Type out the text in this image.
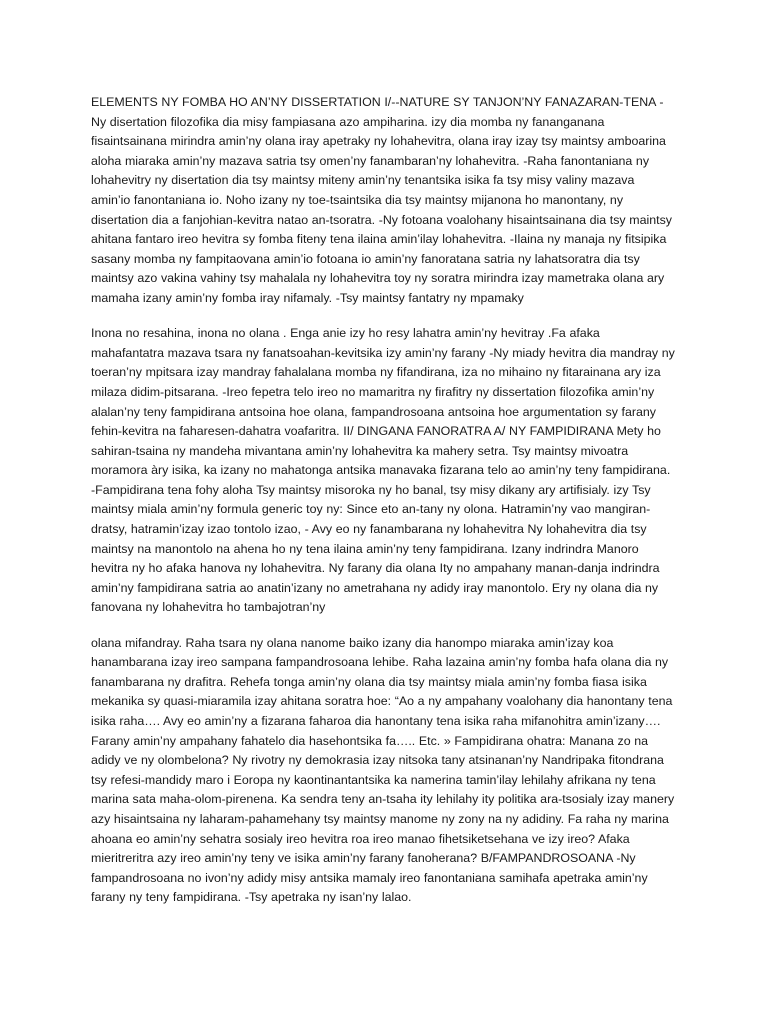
ELEMENTS NY FOMBA HO AN’NY DISSERTATION I/--NATURE SY TANJON’NY FANAZARAN-TENA -Ny disertation filozofika dia misy fampiasana azo ampiharina. izy dia momba ny fananganana fisaintsainana mirindra amin’ny olana iray apetraky ny lohahevitra, olana iray izay tsy maintsy amboarina aloha miaraka amin’ny mazava satria tsy omen’ny fanambaran’ny lohahevitra. -Raha fanontaniana ny lohahevitry ny disertation dia tsy maintsy miteny amin’ny tenantsika isika fa tsy misy valiny mazava amin’io fanontaniana io. Noho izany ny toe-tsaintsika dia tsy maintsy mijanona ho manontany, ny disertation dia a fanjohian-kevitra natao an-tsoratra. -Ny fotoana voalohany hisaintsainana dia tsy maintsy ahitana fantaro ireo hevitra sy fomba fiteny tena ilaina amin’ilay lohahevitra. -Ilaina ny manaja ny fitsipika sasany momba ny fampitaovana amin’io fotoana io amin’ny fanoratana satria ny lahatsoratra dia tsy maintsy azo vakina vahiny tsy mahalala ny lohahevitra toy ny soratra mirindra izay mametraka olana ary mamaha izany amin’ny fomba iray nifamaly. -Tsy maintsy fantatry ny mpamaky

Inona no resahina, inona no olana . Enga anie izy ho resy lahatra amin’ny hevitray .Fa afaka mahafantatra mazava tsara ny fanatsoahan-kevitsika izy amin’ny farany -Ny miady hevitra dia mandray ny toeran’ny mpitsara izay mandray fahalalana momba ny fifandirana, iza no mihaino ny fitarainana ary iza milaza didim-pitsarana. -Ireo fepetra telo ireo no mamaritra ny firafitry ny dissertation filozofika amin’ny alalan’ny teny fampidirana antsoina hoe olana, fampandrosoana antsoina hoe argumentation sy farany fehin-kevitra na faharesen-dahatra voafaritra. II/ DINGANA FANORATRA A/ NY FAMPIDIRANA Mety ho sahiran-tsaina ny mandeha mivantana amin’ny lohahevitra ka mahery setra. Tsy maintsy mivoatra moramora àry isika, ka izany no mahatonga antsika manavaka fizarana telo ao amin’ny teny fampidirana. -Fampidirana tena fohy aloha Tsy maintsy misoroka ny ho banal, tsy misy dikany ary artifisialy. izy Tsy maintsy miala amin’ny formula generic toy ny: Since eto an-tany ny olona. Hatramin’ny vao mangiran-dratsy, hatramin’izay izao tontolo izao, - Avy eo ny fanambarana ny lohahevitra Ny lohahevitra dia tsy maintsy na manontolo na ahena ho ny tena ilaina amin’ny teny fampidirana. Izany indrindra Manoro hevitra ny ho afaka hanova ny lohahevitra. Ny farany dia olana Ity no ampahany manan-danja indrindra amin’ny fampidirana satria ao anatin’izany no ametrahana ny adidy iray manontolo. Ery ny olana dia ny fanovana ny lohahevitra ho tambajotran’ny

olana mifandray. Raha tsara ny olana nanome baiko izany dia hanompo miaraka amin’izay koa hanambarana izay ireo sampana fampandrosoana lehibe. Raha lazaina amin’ny fomba hafa olana dia ny fanambarana ny drafitra. Rehefa tonga amin’ny olana dia tsy maintsy miala amin’ny fomba fiasa isika mekanika sy quasi-miaramila izay ahitana soratra hoe: “Ao a ny ampahany voalohany dia hanontany tena isika raha…. Avy eo amin’ny a fizarana faharoa dia hanontany tena isika raha mifanohitra amin’izany…. Farany amin’ny ampahany fahatelo dia hasehontsika fa….. Etc. » Fampidirana ohatra: Manana zo na adidy ve ny olombelona? Ny rivotry ny demokrasia izay nitsoka tany atsinanan’ny Nandripaka fitondrana tsy refesi-mandidy maro i Eoropa ny kaontinantantsika ka namerina tamin’ilay lehilahy afrikana ny tena marina sata maha-olom-pirenena. Ka sendra teny an-tsaha ity lehilahy ity politika ara-tsosialy izay manery azy hisaintsaina ny laharam-pahamehany tsy maintsy manome ny zony na ny adidiny. Fa raha ny marina ahoana eo amin’ny sehatra sosialy ireo hevitra roa ireo manao fihetsiketsehana ve izy ireo? Afaka mieritreritra azy ireo amin’ny teny ve isika amin’ny farany fanoherana? B/FAMPANDROSOANA -Ny fampandrosoana no ivon’ny adidy misy antsika mamaly ireo fanontaniana samihafa apetraka amin’ny farany ny teny fampidirana. -Tsy apetraka ny isan’ny lalao.
